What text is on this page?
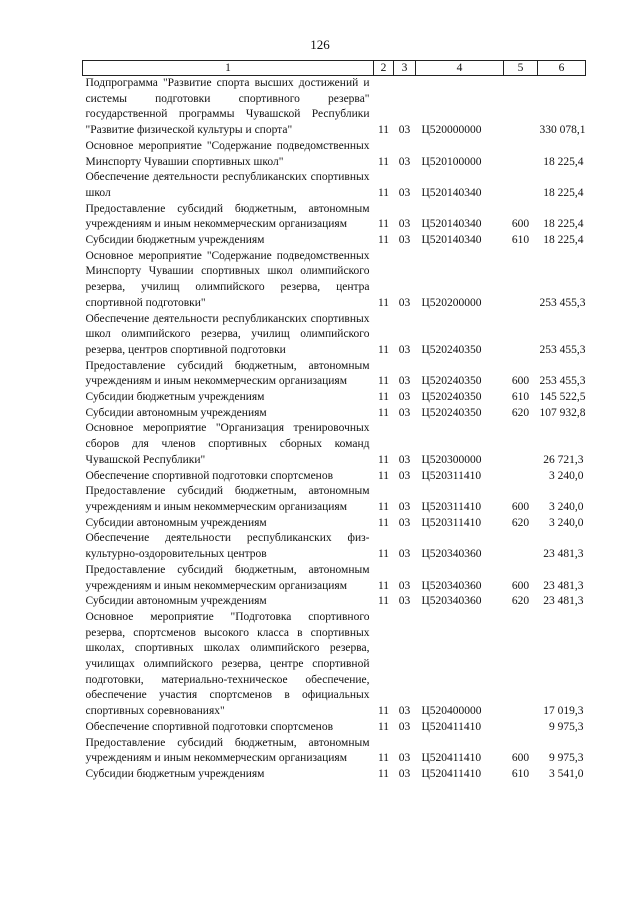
126
1	2	3	4	5	6
Подпрограмма "Развитие спорта высших достижений и системы подготовки спортивного резерва" государственной программы Чувашской Республики "Развитие физической культуры и спорта"	11	03	Ц520000000		330 078,1
Основное мероприятие "Содержание подведомственных Минспорту Чувашии спортивных школ"	11	03	Ц520100000		18 225,4
Обеспечение деятельности республиканских спортивных школ	11	03	Ц520140340		18 225,4
Предоставление субсидий бюджетным, автономным учреждениям и иным некоммерческим организациям	11	03	Ц520140340	600	18 225,4
Субсидии бюджетным учреждениям	11	03	Ц520140340	610	18 225,4
Основное мероприятие "Содержание подведомственных Минспорту Чувашии спортивных школ олимпийского резерва, училищ олимпийского резерва, центра спортивной подготовки"	11	03	Ц520200000		253 455,3
Обеспечение деятельности республиканских спортивных школ олимпийского резерва, училищ олимпийского резерва, центров спортивной подготовки	11	03	Ц520240350		253 455,3
Предоставление субсидий бюджетным, автономным учреждениям и иным некоммерческим организациям	11	03	Ц520240350	600	253 455,3
Субсидии бюджетным учреждениям	11	03	Ц520240350	610	145 522,5
Субсидии автономным учреждениям	11	03	Ц520240350	620	107 932,8
Основное мероприятие "Организация тренировочных сборов для членов спортивных сборных команд Чувашской Республики"	11	03	Ц520300000		26 721,3
Обеспечение спортивной подготовки спортсменов	11	03	Ц520311410		3 240,0
Предоставление субсидий бюджетным, автономным учреждениям и иным некоммерческим организациям	11	03	Ц520311410	600	3 240,0
Субсидии автономным учреждениям	11	03	Ц520311410	620	3 240,0
Обеспечение деятельности республиканских физкультурно-оздоровительных центров	11	03	Ц520340360		23 481,3
Предоставление субсидий бюджетным, автономным учреждениям и иным некоммерческим организациям	11	03	Ц520340360	600	23 481,3
Субсидии автономным учреждениям	11	03	Ц520340360	620	23 481,3
Основное мероприятие "Подготовка спортивного резерва, спортсменов высокого класса в спортивных школах, спортивных школах олимпийского резерва, училищах олимпийского резерва, центре спортивной подготовки, материально-техническое обеспечение, обеспечение участия спортсменов в официальных спортивных соревнованиях"	11	03	Ц520400000		17 019,3
Обеспечение спортивной подготовки спортсменов	11	03	Ц520411410		9 975,3
Предоставление субсидий бюджетным, автономным учреждениям и иным некоммерческим организациям	11	03	Ц520411410	600	9 975,3
Субсидии бюджетным учреждениям	11	03	Ц520411410	610	3 541,0
